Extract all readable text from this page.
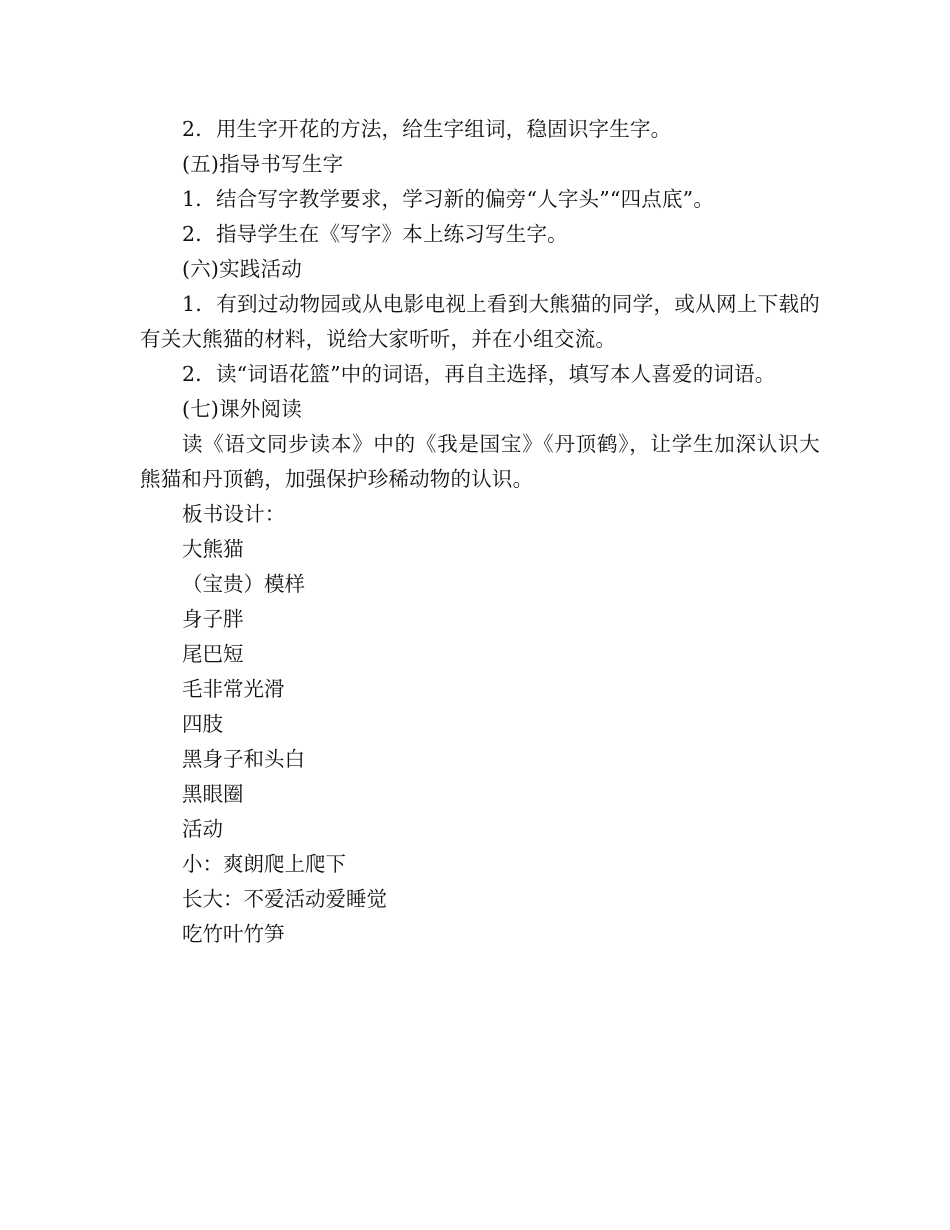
2．用生字开花的方法，给生字组词，稳固识字生字。

(五)指导书写生字

1．结合写字教学要求，学习新的偏旁“人字头”“四点底”。

2．指导学生在《写字》本上练习写生字。

(六)实践活动

1．有到过动物园或从电影电视上看到大熊猫的同学，或从网上下载的有关大熊猫的材料，说给大家听听，并在小组交流。

2．读“词语花篮”中的词语，再自主选择，填写本人喜爱的词语。

(七)课外阅读

读《语文同步读本》中的《我是国宝》《丹顶鹤》，让学生加深认识大熊猫和丹顶鹤，加强保护珍稀动物的认识。

板书设计：

大熊猫

（宝贵）模样

身子胖

尾巴短

毛非常光滑

四肢

黑身子和头白

黑眼圈

活动

小：爽朗爬上爬下

长大：不爱活动爱睡觉

吃竹叶竹笋
